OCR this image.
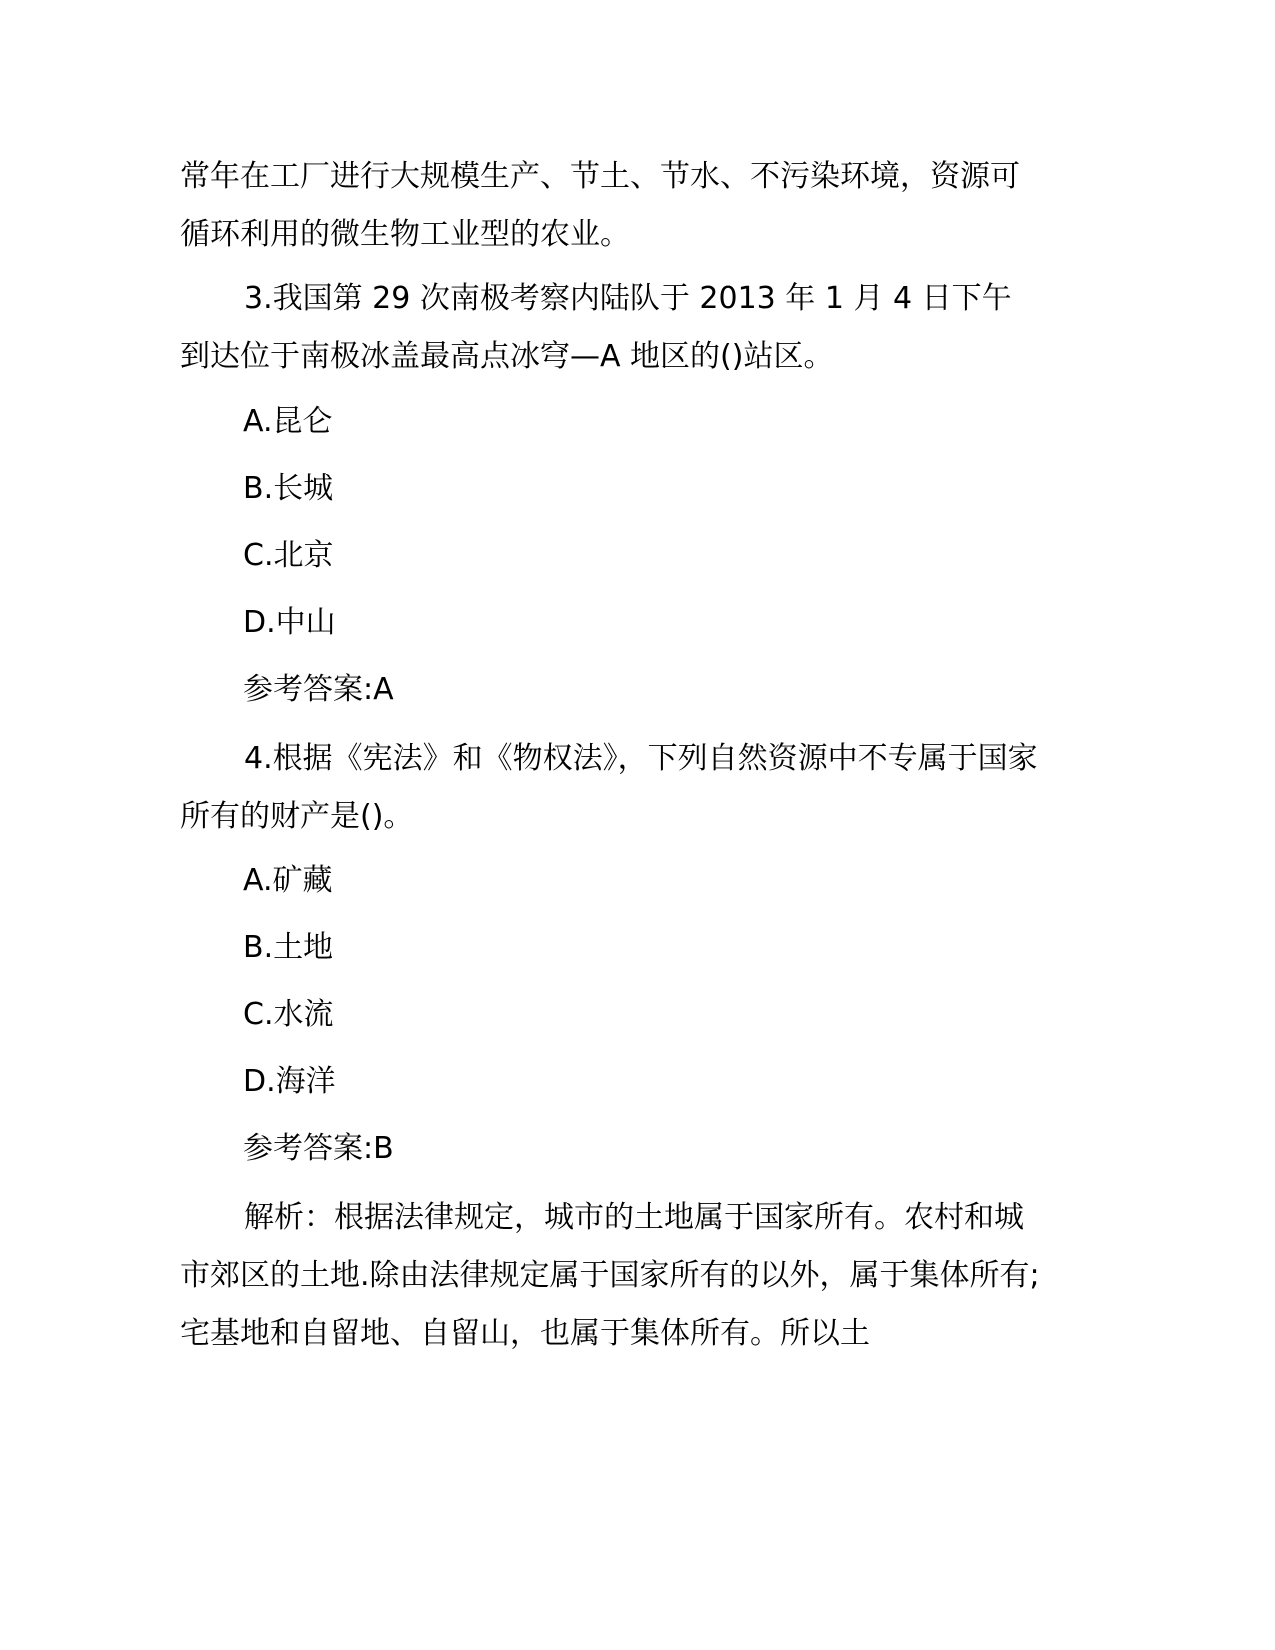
常年在工厂进行大规模生产、节土、节水、不污染环境，资源可循环利用的微生物工业型的农业。

3.我国第 29 次南极考察内陆队于 2013 年 1 月 4 日下午到达位于南极冰盖最高点冰穹—A 地区的()站区。

A.昆仑

B.长城

C.北京

D.中山

参考答案:A

4.根据《宪法》和《物权法》，下列自然资源中不专属于国家所有的财产是()。

A.矿藏

B.土地

C.水流

D.海洋

参考答案:B

解析：根据法律规定，城市的土地属于国家所有。农村和城市郊区的土地.除由法律规定属于国家所有的以外，属于集体所有;宅基地和自留地、自留山，也属于集体所有。所以土
